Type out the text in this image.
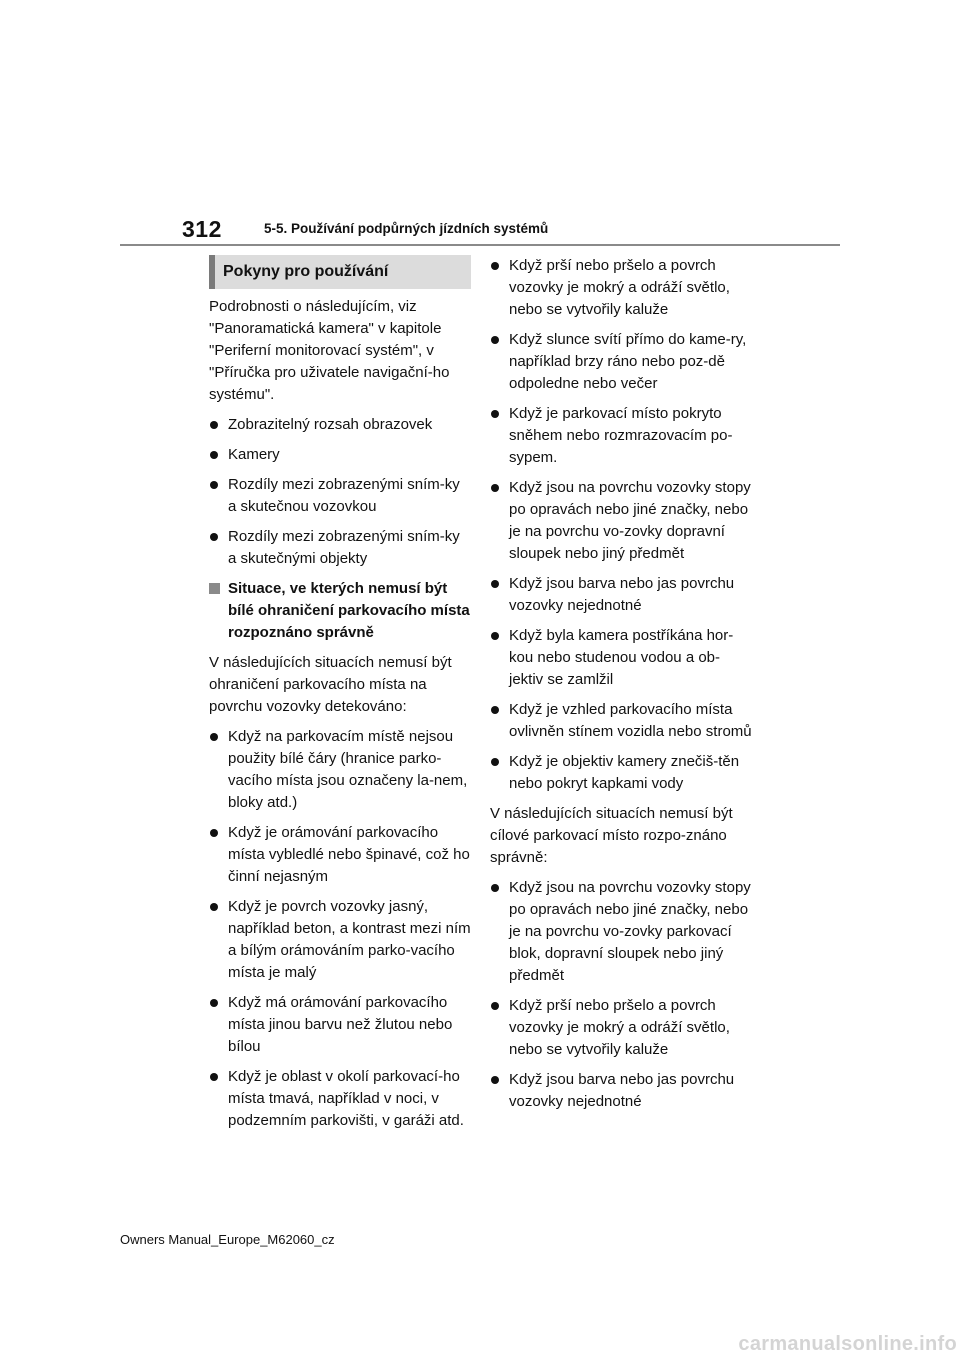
312	5-5. Používání podpůrných jízdních systémů
Pokyny pro používání

Podrobnosti o následujícím, viz "Panoramatická kamera" v kapitole "Periferní monitorovací systém", v "Příručka pro uživatele navigační-ho systému".

Zobrazitelný rozsah obrazovek
Kamery
Rozdíly mezi zobrazenými sním-ky a skutečnou vozovkou
Rozdíly mezi zobrazenými sním-ky a skutečnými objekty
Situace, ve kterých nemusí být bílé ohraničení parkovacího místa rozpoznáno správně

V následujících situacích nemusí být ohraničení parkovacího místa na povrchu vozovky detekováno:

Když na parkovacím místě nejsou použity bílé čáry (hranice parko-vacího místa jsou označeny la-nem, bloky atd.)
Když je orámování parkovacího místa vybledlé nebo špinavé, což ho činní nejasným
Když je povrch vozovky jasný, například beton, a kontrast mezi ním a bílým orámováním parko-vacího místa je malý
Když má orámování parkovacího místa jinou barvu než žlutou nebo bílou
Když je oblast v okolí parkovací-ho místa tmavá, například v noci, v podzemním parkovišti, v garáži atd.
Když prší nebo pršelo a povrch vozovky je mokrý a odráží světlo, nebo se vytvořily kaluže
Když slunce svítí přímo do kame-ry, například brzy ráno nebo poz-dě odpoledne nebo večer
Když je parkovací místo pokryto sněhem nebo rozmrazovacím po-sypem.
Když jsou na povrchu vozovky stopy po opravách nebo jiné značky, nebo je na povrchu vo-zovky dopravní sloupek nebo jiný předmět
Když jsou barva nebo jas povrchu vozovky nejednotné
Když byla kamera postříkána hor-kou nebo studenou vodou a ob-jektiv se zamlžil
Když je vzhled parkovacího místa ovlivněn stínem vozidla nebo stromů
Když je objektiv kamery znečiš-těn nebo pokryt kapkami vody

V následujících situacích nemusí být cílové parkovací místo rozpo-znáno správně:

Když jsou na povrchu vozovky stopy po opravách nebo jiné značky, nebo je na povrchu vo-zovky parkovací blok, dopravní sloupek nebo jiný předmět
Když prší nebo pršelo a povrch vozovky je mokrý a odráží světlo, nebo se vytvořily kaluže
Když jsou barva nebo jas povrchu vozovky nejednotné
Owners Manual_Europe_M62060_cz
carmanualsonline.info
